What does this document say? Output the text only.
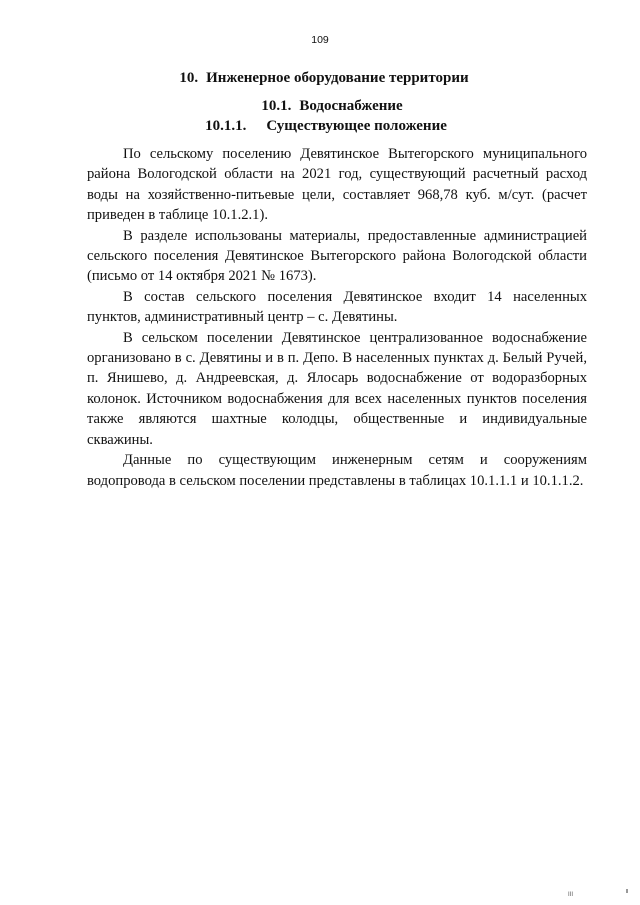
109
10. Инженерное оборудование территории
10.1. Водоснабжение
10.1.1. Существующее положение

По сельскому поселению Девятинское Вытегорского муниципального района Вологодской области на 2021 год, существующий расчетный расход воды на хозяйственно-питьевые цели, составляет 968,78 куб. м/сут. (расчет приведен в таблице 10.1.2.1).

В разделе использованы материалы, предоставленные администрацией сельского поселения Девятинское Вытегорского района Вологодской области (письмо от 14 октября 2021 № 1673).

В состав сельского поселения Девятинское входит 14 населенных пунктов, административный центр – с. Девятины.

В сельском поселении Девятинское централизованное водоснабжение организовано в с. Девятины и в п. Депо. В населенных пунктах д. Белый Ручей, п. Янишево, д. Андреевская, д. Ялосарь водоснабжение от водоразборных колонок. Источником водоснабжения для всех населенных пунктов поселения также являются шахтные колодцы, общественные и индивидуальные скважины.

Данные по существующим инженерным сетям и сооружениям водопровода в сельском поселении представлены в таблицах 10.1.1.1 и 10.1.1.2.

III
